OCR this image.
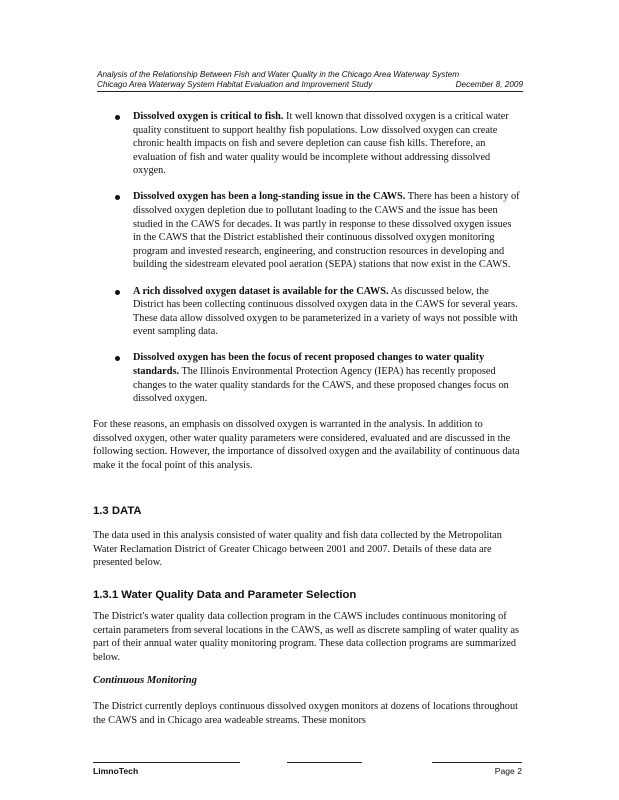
Analysis of the Relationship Between Fish and Water Quality in the Chicago Area Waterway System
Chicago Area Waterway System Habitat Evaluation and Improvement Study	December 8, 2009
Dissolved oxygen is critical to fish. It well known that dissolved oxygen is a critical water quality constituent to support healthy fish populations. Low dissolved oxygen can create chronic health impacts on fish and severe depletion can cause fish kills. Therefore, an evaluation of fish and water quality would be incomplete without addressing dissolved oxygen.
Dissolved oxygen has been a long-standing issue in the CAWS. There has been a history of dissolved oxygen depletion due to pollutant loading to the CAWS and the issue has been studied in the CAWS for decades. It was partly in response to these dissolved oxygen issues in the CAWS that the District established their continuous dissolved oxygen monitoring program and invested research, engineering, and construction resources in developing and building the sidestream elevated pool aeration (SEPA) stations that now exist in the CAWS.
A rich dissolved oxygen dataset is available for the CAWS. As discussed below, the District has been collecting continuous dissolved oxygen data in the CAWS for several years. These data allow dissolved oxygen to be parameterized in a variety of ways not possible with event sampling data.
Dissolved oxygen has been the focus of recent proposed changes to water quality standards. The Illinois Environmental Protection Agency (IEPA) has recently proposed changes to the water quality standards for the CAWS, and these proposed changes focus on dissolved oxygen.

For these reasons, an emphasis on dissolved oxygen is warranted in the analysis. In addition to dissolved oxygen, other water quality parameters were considered, evaluated and are discussed in the following section. However, the importance of dissolved oxygen and the availability of continuous data make it the focal point of this analysis.

1.3 DATA

The data used in this analysis consisted of water quality and fish data collected by the Metropolitan Water Reclamation District of Greater Chicago between 2001 and 2007. Details of these data are presented below.

1.3.1 Water Quality Data and Parameter Selection

The District's water quality data collection program in the CAWS includes continuous monitoring of certain parameters from several locations in the CAWS, as well as discrete sampling of water quality as part of their annual water quality monitoring program. These data collection programs are summarized below.

Continuous Monitoring

The District currently deploys continuous dissolved oxygen monitors at dozens of locations throughout the CAWS and in Chicago area wadeable streams. These monitors

LimnoTech	Page 2
